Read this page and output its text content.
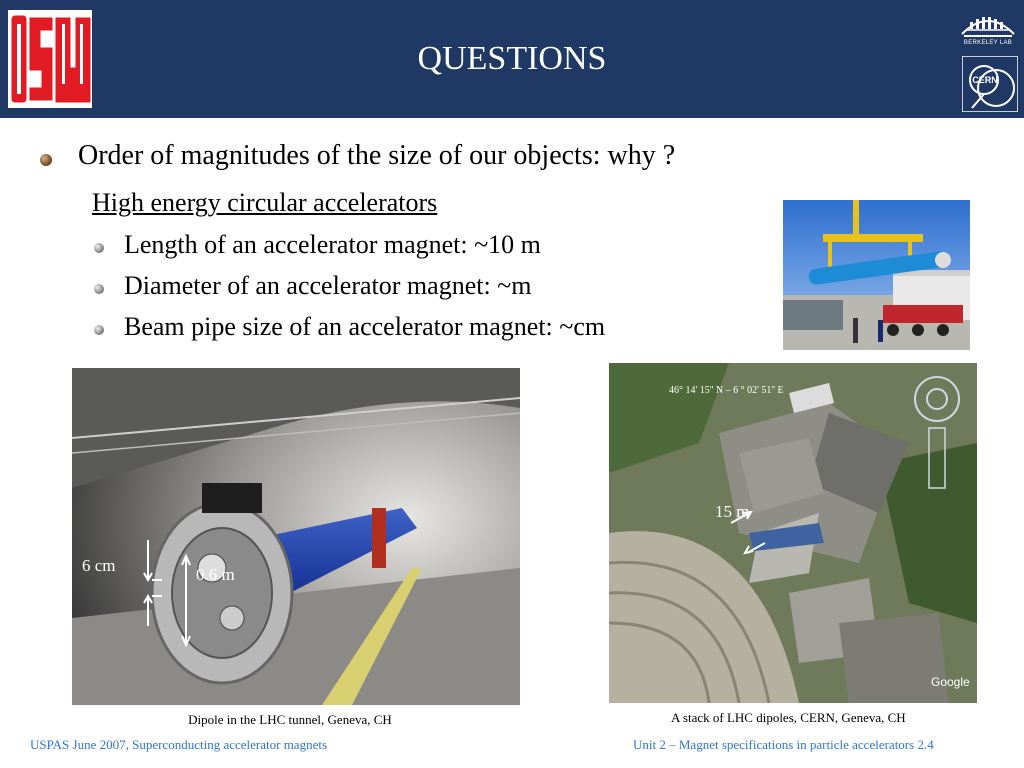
QUESTIONS	BERKELEY LAB
CERN
Order of magnitudes of the size of our objects: why ?
High energy circular accelerators
Length of an accelerator magnet: ~10 m
Diameter of an accelerator magnet: ~m
Beam pipe size of an accelerator magnet: ~cm
6 cm	0.6 m
Dipole in the LHC tunnel, Geneva, CH
46° 14' 15'' N – 6 ° 02' 51'' E
15 m
Google
A stack of LHC dipoles, CERN, Geneva, CH
USPAS June 2007, Superconducting accelerator magnets	Unit 2 – Magnet specifications in particle accelerators 2.4
